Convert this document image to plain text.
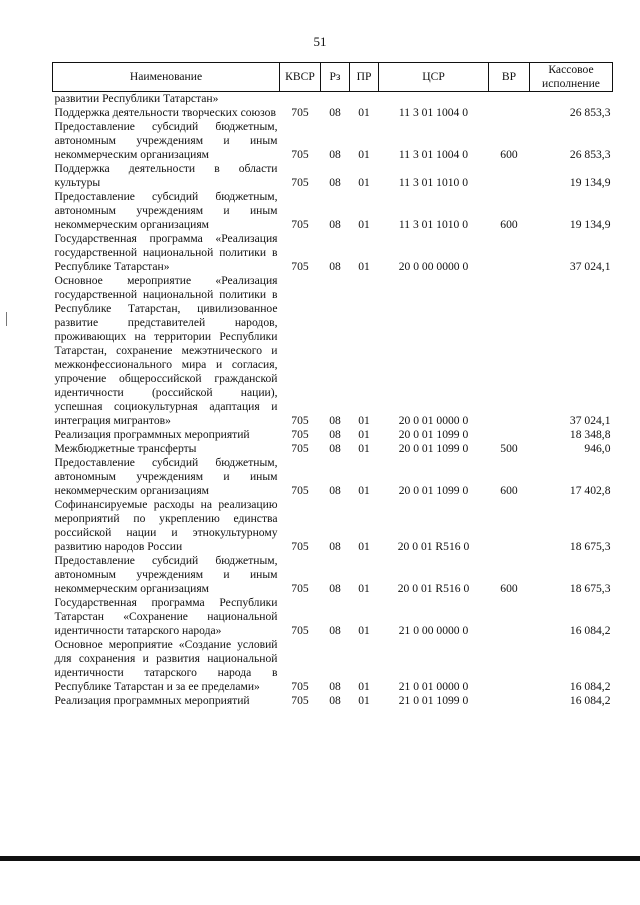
51
Наименование	КВСР	Рз	ПР	ЦСР	ВР	Кассовое исполнение
развитии Республики Татарстан»						
Поддержка деятельности творческих союзов	705	08	01	11 3 01 1004 0		26 853,3
Предоставление субсидий бюджетным, автономным учреждениям и иным некоммерческим организациям	705	08	01	11 3 01 1004 0	600	26 853,3
Поддержка деятельности в области культуры	705	08	01	11 3 01 1010 0		19 134,9
Предоставление субсидий бюджетным, автономным учреждениям и иным некоммерческим организациям	705	08	01	11 3 01 1010 0	600	19 134,9
Государственная программа «Реализация государственной национальной политики в Республике Татарстан»	705	08	01	20 0 00 0000 0		37 024,1
Основное мероприятие «Реализация государственной национальной политики в Республике Татарстан, цивилизованное развитие представителей народов, проживающих на территории Республики Татарстан, сохранение межэтнического и межконфессионального мира и согласия, упрочение общероссийской гражданской идентичности (российской нации), успешная социокультурная адаптация и интеграция мигрантов»	705	08	01	20 0 01 0000 0		37 024,1
Реализация программных мероприятий	705	08	01	20 0 01 1099 0		18 348,8
Межбюджетные трансферты	705	08	01	20 0 01 1099 0	500	946,0
Предоставление субсидий бюджетным, автономным учреждениям и иным некоммерческим организациям	705	08	01	20 0 01 1099 0	600	17 402,8
Софинансируемые расходы на реализацию мероприятий по укреплению единства российской нации и этнокультурному развитию народов России	705	08	01	20 0 01 R516 0		18 675,3
Предоставление субсидий бюджетным, автономным учреждениям и иным некоммерческим организациям	705	08	01	20 0 01 R516 0	600	18 675,3
Государственная программа Республики Татарстан «Сохранение национальной идентичности татарского народа»	705	08	01	21 0 00 0000 0		16 084,2
Основное мероприятие «Создание условий для сохранения и развития национальной идентичности татарского народа в Республике Татарстан и за ее пределами»	705	08	01	21 0 01 0000 0		16 084,2
Реализация программных мероприятий	705	08	01	21 0 01 1099 0		16 084,2
